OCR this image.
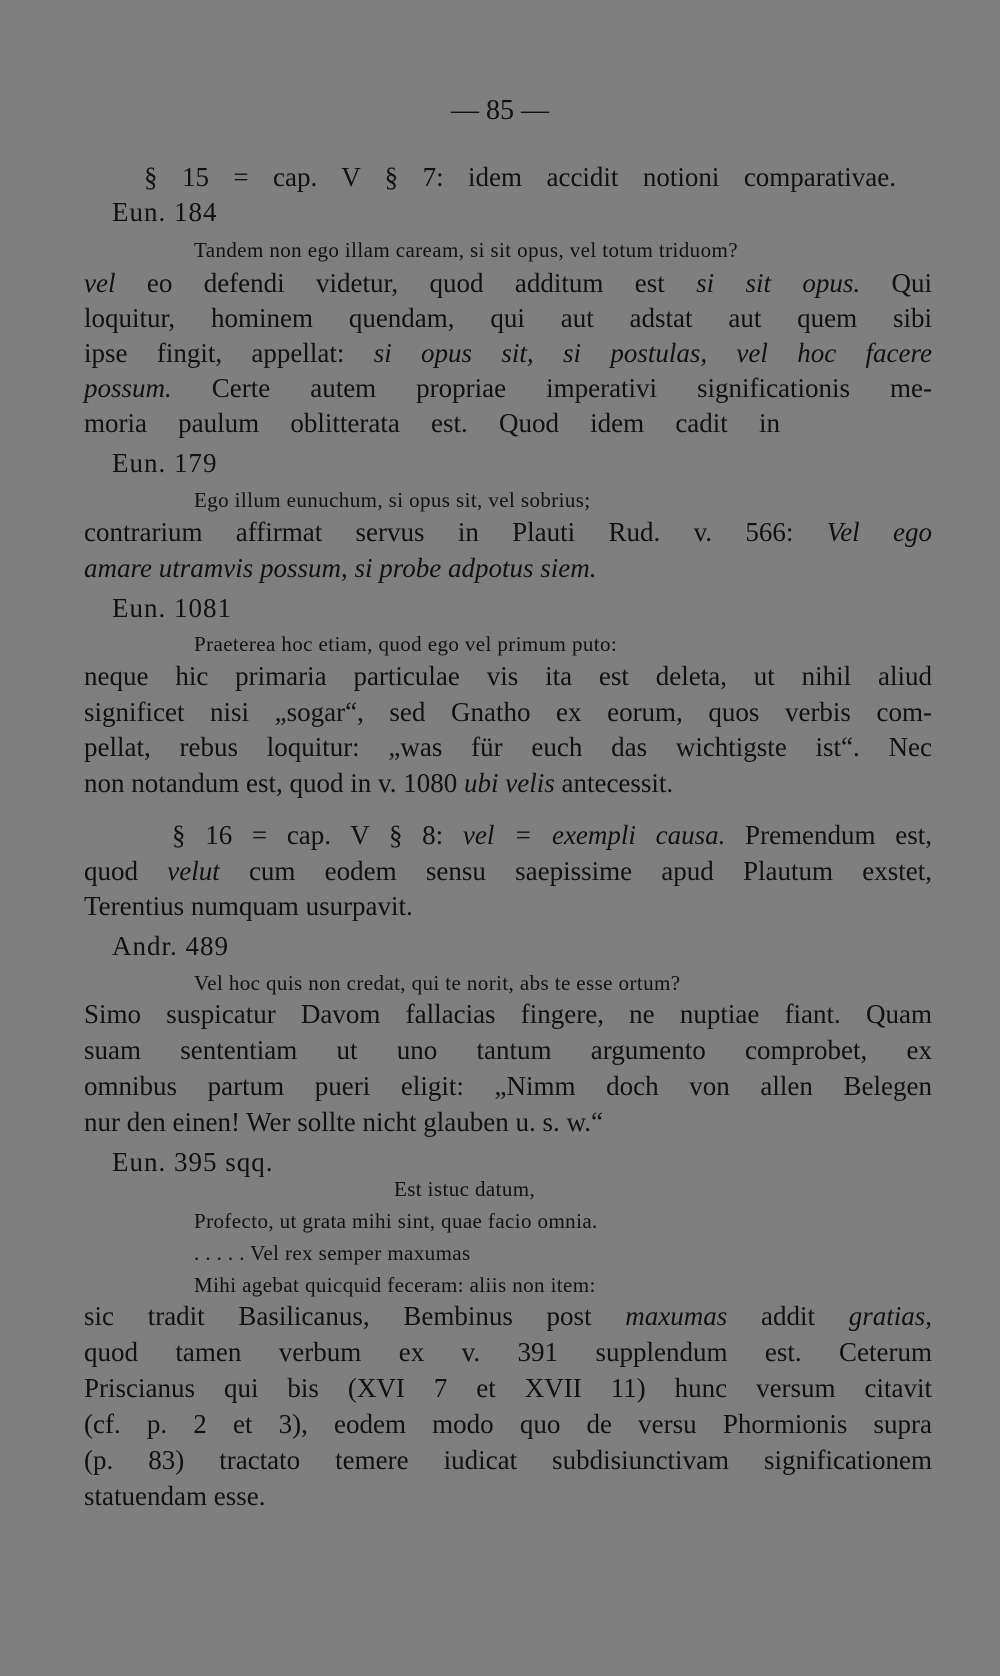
— 85 —
§ 15 = cap. V § 7: idem accidit notioni comparativae.
Eun. 184
Tandem non ego illam caream, si sit opus, vel totum triduom?
vel eo defendi videtur, quod additum est si sit opus. Qui
loquitur, hominem quendam, qui aut adstat aut quem sibi
ipse fingit, appellat: si opus sit, si postulas, vel hoc facere
possum. Certe autem propriae imperativi significationis me-
moria paulum oblitterata est. Quod idem cadit in
Eun. 179
Ego illum eunuchum, si opus sit, vel sobrius;
contrarium affirmat servus in Plauti Rud. v. 566: Vel ego
amare utramvis possum, si probe adpotus siem.
Eun. 1081
Praeterea hoc etiam, quod ego vel primum puto:
neque hic primaria particulae vis ita est deleta, ut nihil aliud
significet nisi „sogar“, sed Gnatho ex eorum, quos verbis com-
pellat, rebus loquitur: „was für euch das wichtigste ist“. Nec
non notandum est, quod in v. 1080 ubi velis antecessit.
§ 16 = cap. V § 8: vel = exempli causa. Premendum est,
quod velut cum eodem sensu saepissime apud Plautum exstet,
Terentius numquam usurpavit.
Andr. 489
Vel hoc quis non credat, qui te norit, abs te esse ortum?
Simo suspicatur Davom fallacias fingere, ne nuptiae fiant. Quam
suam sententiam ut uno tantum argumento comprobet, ex
omnibus partum pueri eligit: „Nimm doch von allen Belegen
nur den einen! Wer sollte nicht glauben u. s. w.“
Eun. 395 sqq.
Est istuc datum,
Profecto, ut grata mihi sint, quae facio omnia.
. . . . . Vel rex semper maxumas
Mihi agebat quicquid feceram: aliis non item:
sic tradit Basilicanus, Bembinus post maxumas addit gratias,
quod tamen verbum ex v. 391 supplendum est. Ceterum
Priscianus qui bis (XVI 7 et XVII 11) hunc versum citavit
(cf. p. 2 et 3), eodem modo quo de versu Phormionis supra
(p. 83) tractato temere iudicat subdisiunctivam significationem
statuendam esse.
